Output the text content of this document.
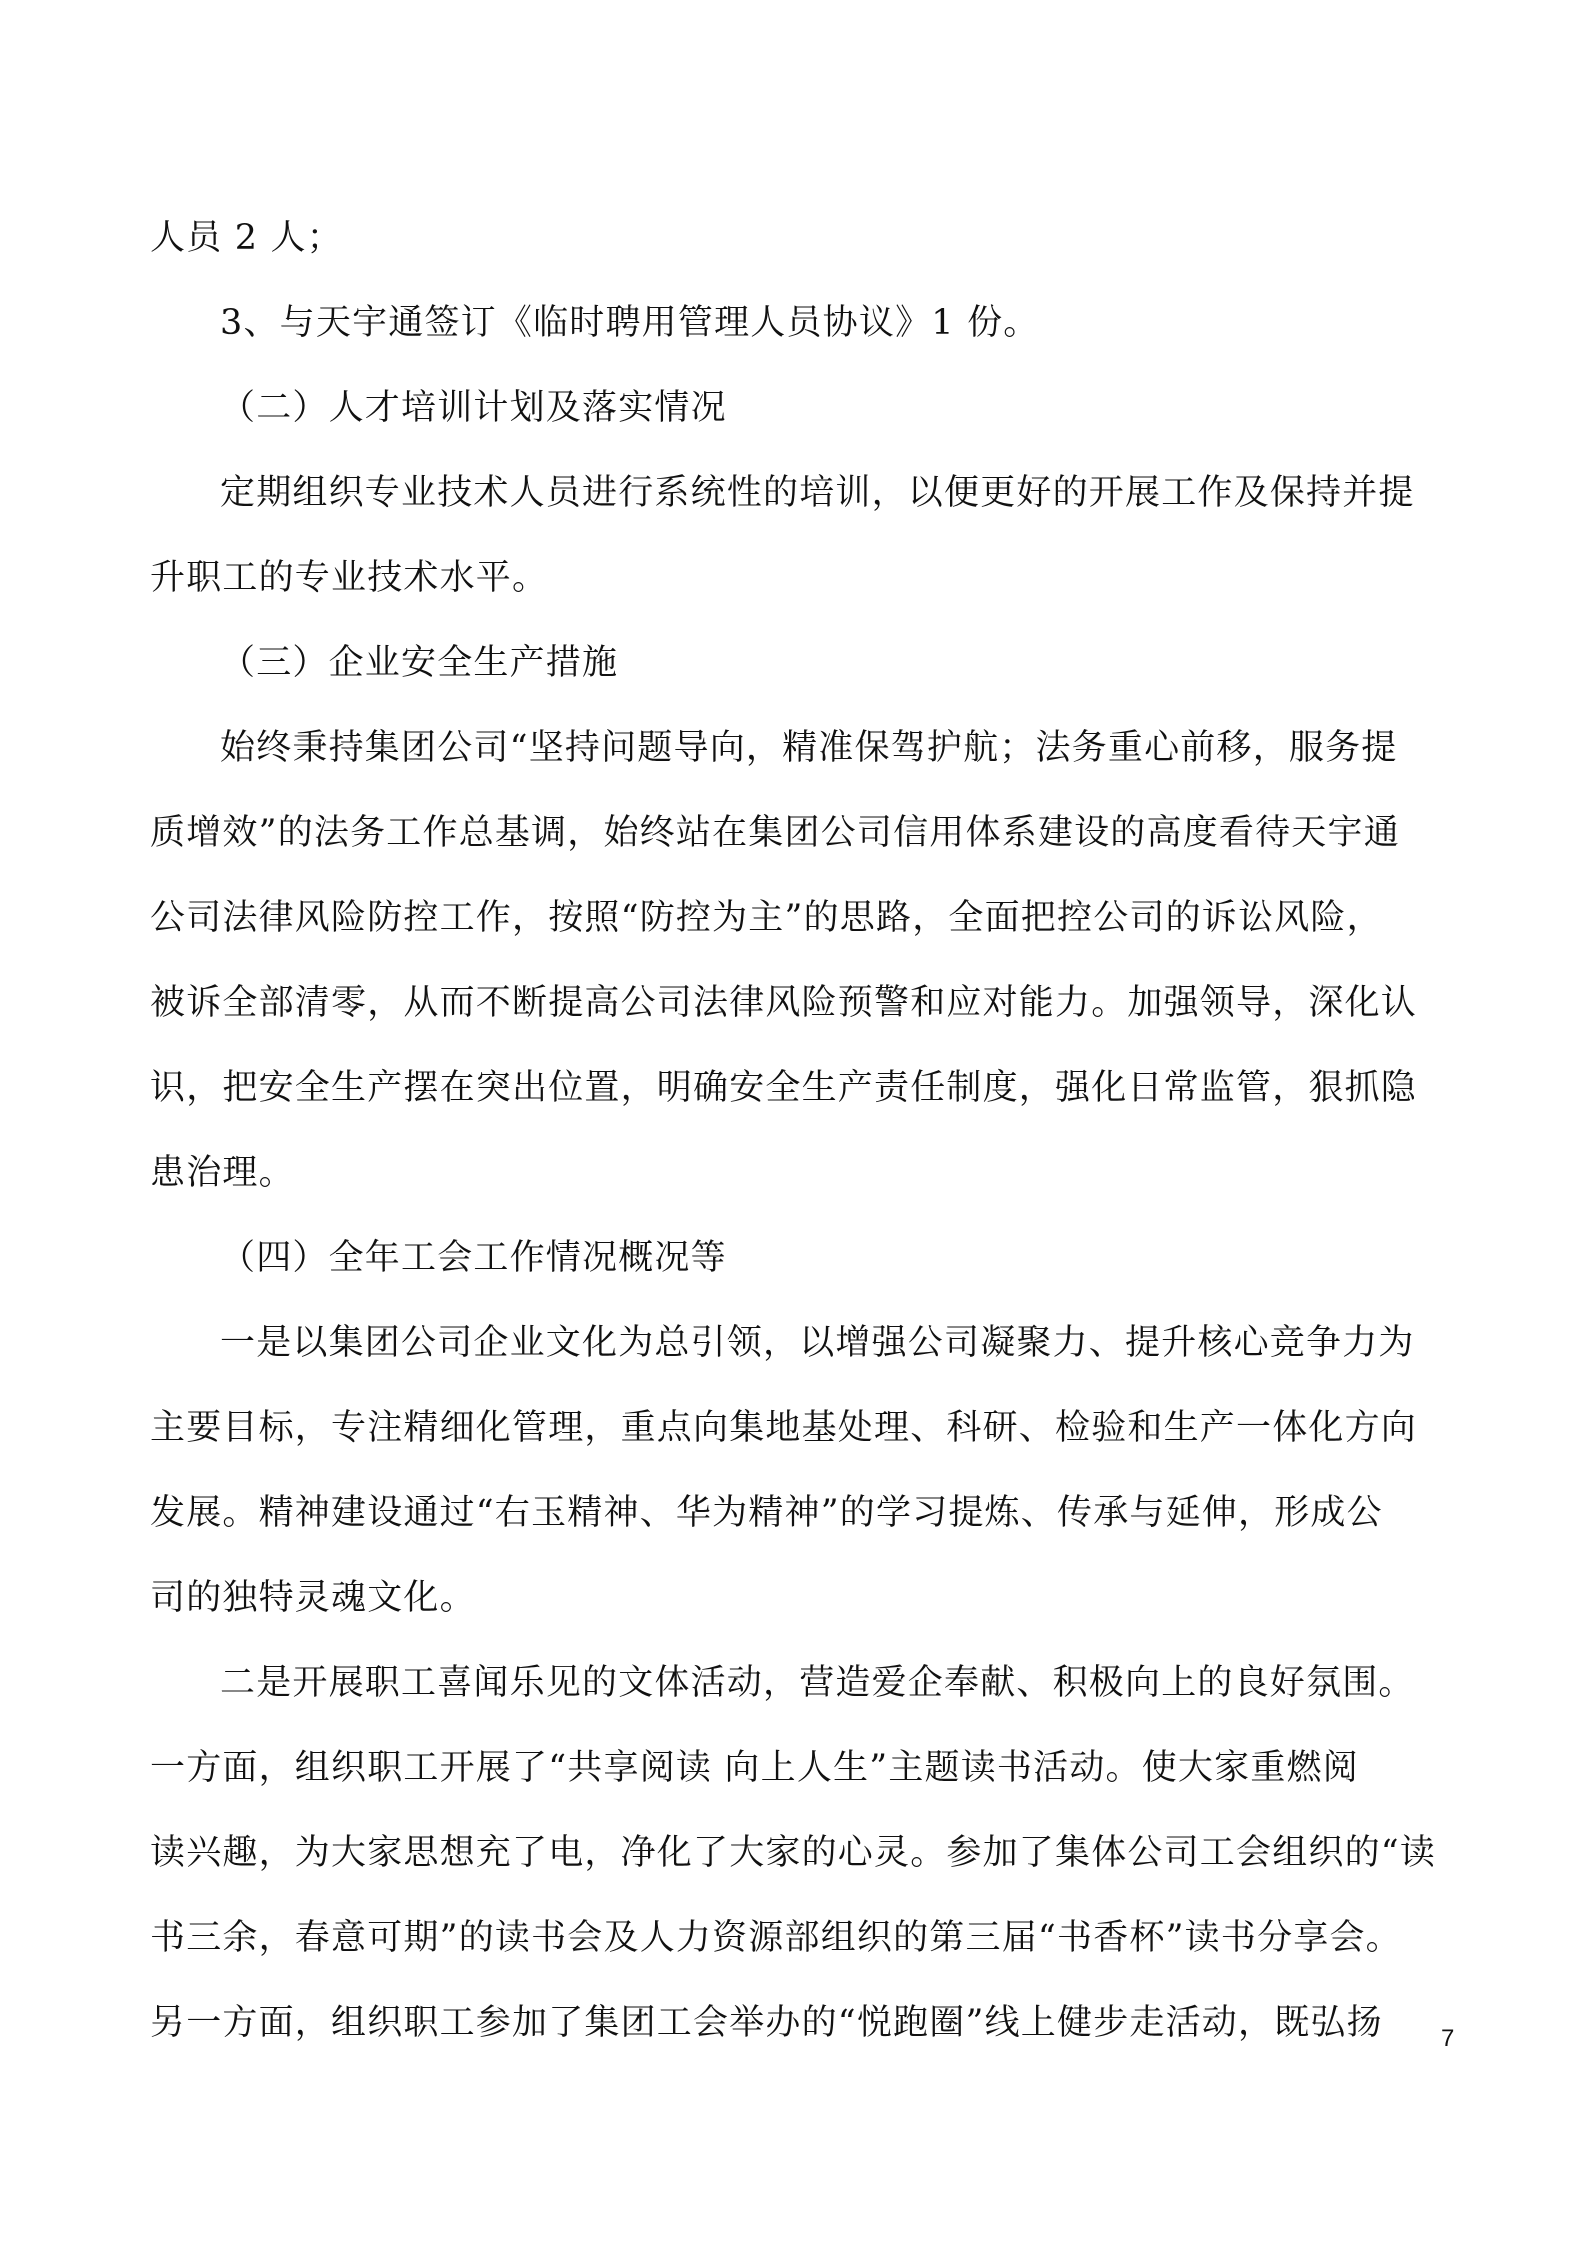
人员 2 人；
3、与天宇通签订《临时聘用管理人员协议》1 份。
（二）人才培训计划及落实情况
定期组织专业技术人员进行系统性的培训，以便更好的开展工作及保持并提
升职工的专业技术水平。
（三）企业安全生产措施
始终秉持集团公司“坚持问题导向，精准保驾护航；法务重心前移，服务提
质增效”的法务工作总基调，始终站在集团公司信用体系建设的高度看待天宇通
公司法律风险防控工作，按照“防控为主”的思路，全面把控公司的诉讼风险，
被诉全部清零，从而不断提高公司法律风险预警和应对能力。加强领导，深化认
识，把安全生产摆在突出位置，明确安全生产责任制度，强化日常监管，狠抓隐
患治理。
（四）全年工会工作情况概况等
一是以集团公司企业文化为总引领，以增强公司凝聚力、提升核心竞争力为
主要目标，专注精细化管理，重点向集地基处理、科研、检验和生产一体化方向
发展。精神建设通过“右玉精神、华为精神”的学习提炼、传承与延伸，形成公
司的独特灵魂文化。
二是开展职工喜闻乐见的文体活动，营造爱企奉献、积极向上的良好氛围。
一方面，组织职工开展了“共享阅读 向上人生”主题读书活动。使大家重燃阅
读兴趣，为大家思想充了电，净化了大家的心灵。参加了集体公司工会组织的“读
书三余，春意可期”的读书会及人力资源部组织的第三届“书香杯”读书分享会。
另一方面，组织职工参加了集团工会举办的“悦跑圈”线上健步走活动，既弘扬	7
